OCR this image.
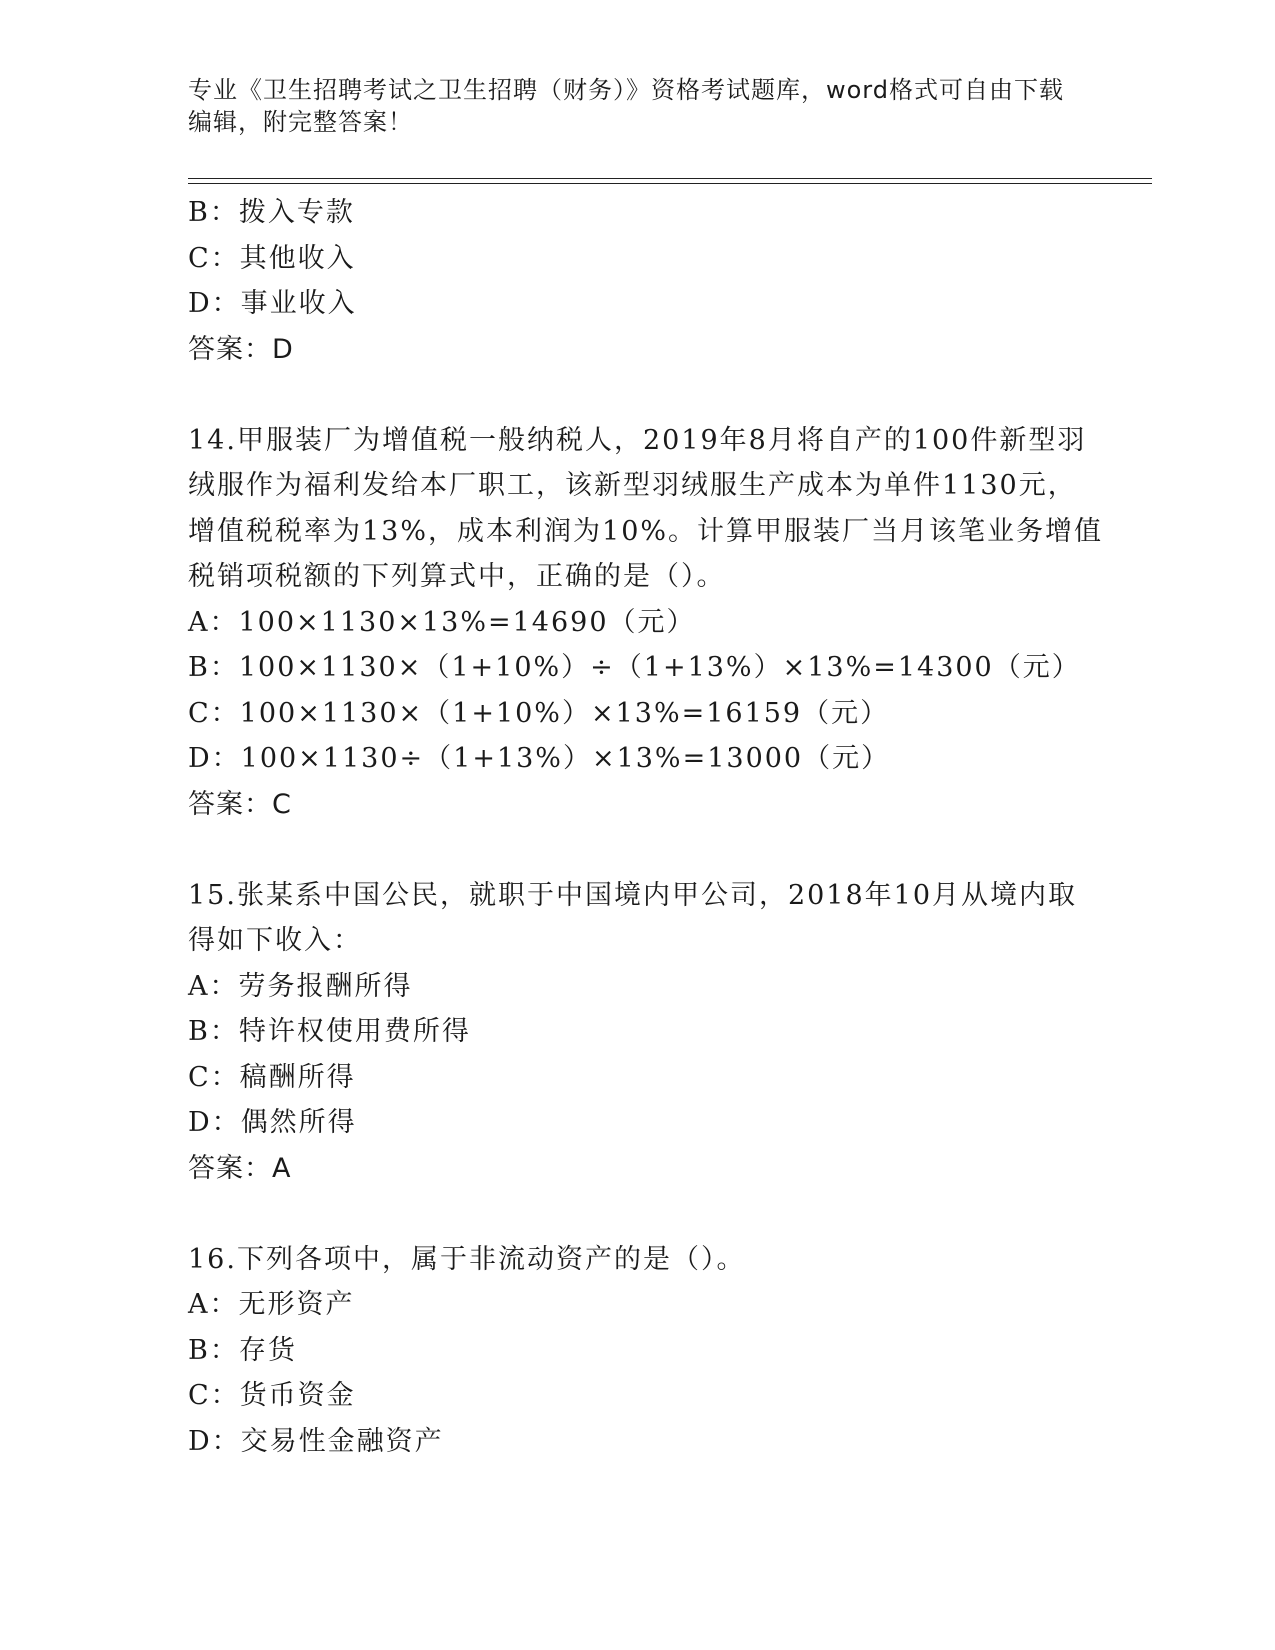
专业《卫生招聘考试之卫生招聘（财务）》资格考试题库，word格式可自由下载
编辑，附完整答案！
B：拨入专款
C：其他收入
D：事业收入
答案：D
14.甲服装厂为增值税一般纳税人，2019年8月将自产的100件新型羽
绒服作为福利发给本厂职工，该新型羽绒服生产成本为单件1130元，
增值税税率为13%，成本利润为10%。计算甲服装厂当月该笔业务增值
税销项税额的下列算式中，正确的是（）。
A：100×1130×13%=14690（元）
B：100×1130×（1+10%）÷（1+13%）×13%=14300（元）
C：100×1130×（1+10%）×13%=16159（元）
D：100×1130÷（1+13%）×13%=13000（元）
答案：C
15.张某系中国公民，就职于中国境内甲公司，2018年10月从境内取
得如下收入：
A：劳务报酬所得
B：特许权使用费所得
C：稿酬所得
D：偶然所得
答案：A
16.下列各项中，属于非流动资产的是（）。
A：无形资产
B：存货
C：货币资金
D：交易性金融资产
